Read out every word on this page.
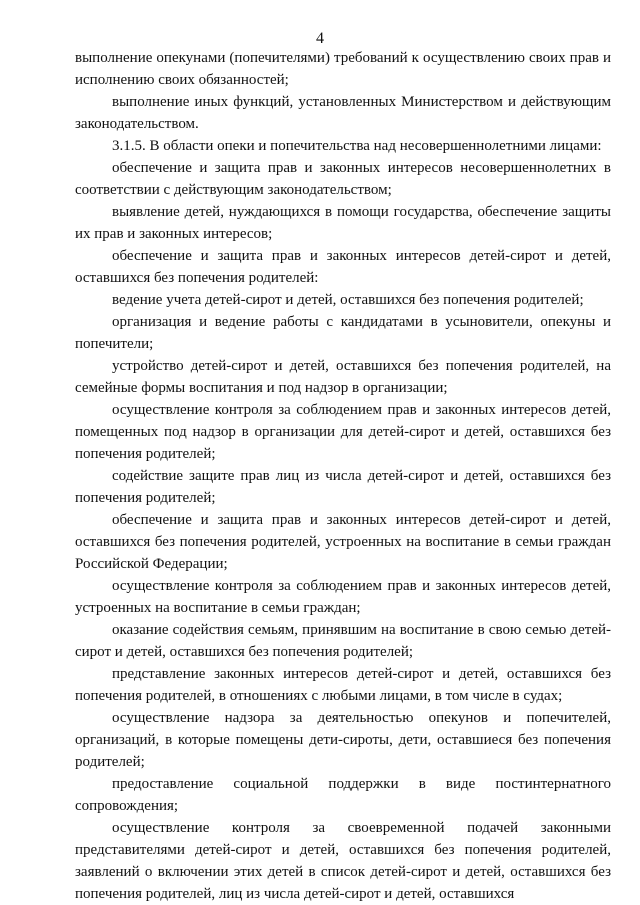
4

выполнение опекунами (попечителями) требований к осуществлению своих прав и исполнению своих обязанностей;

выполнение иных функций, установленных Министерством и действующим законодательством.

3.1.5. В области опеки и попечительства над несовершеннолетними лицами:

обеспечение и защита прав и законных интересов несовершеннолетних в соответствии с действующим законодательством;

выявление детей, нуждающихся в помощи государства, обеспечение защиты их прав и законных интересов;

обеспечение и защита прав и законных интересов детей-сирот и детей, оставшихся без попечения родителей:

ведение учета детей-сирот и детей, оставшихся без попечения родителей;

организация и ведение работы с кандидатами в усыновители, опекуны и попечители;

устройство детей-сирот и детей, оставшихся без попечения родителей, на семейные формы воспитания и под надзор в организации;

осуществление контроля за соблюдением прав и законных интересов детей, помещенных под надзор в организации для детей-сирот и детей, оставшихся без попечения родителей;

содействие защите прав лиц из числа детей-сирот и детей, оставшихся без попечения родителей;

обеспечение и защита прав и законных интересов детей-сирот и детей, оставшихся без попечения родителей, устроенных на воспитание в семьи граждан Российской Федерации;

осуществление контроля за соблюдением прав и законных интересов детей, устроенных на воспитание в семьи граждан;

оказание содействия семьям, принявшим на воспитание в свою семью детей-сирот и детей, оставшихся без попечения родителей;

представление законных интересов детей-сирот и детей, оставшихся без попечения родителей, в отношениях с любыми лицами, в том числе в судах;

осуществление надзора за деятельностью опекунов и попечителей, организаций, в которые помещены дети-сироты, дети, оставшиеся без попечения родителей;

предоставление социальной поддержки в виде постинтернатного сопровождения;

осуществление контроля за своевременной подачей законными представителями детей-сирот и детей, оставшихся без попечения родителей, заявлений о включении этих детей в список детей-сирот и детей, оставшихся без попечения родителей, лиц из числа детей-сирот и детей, оставшихся
